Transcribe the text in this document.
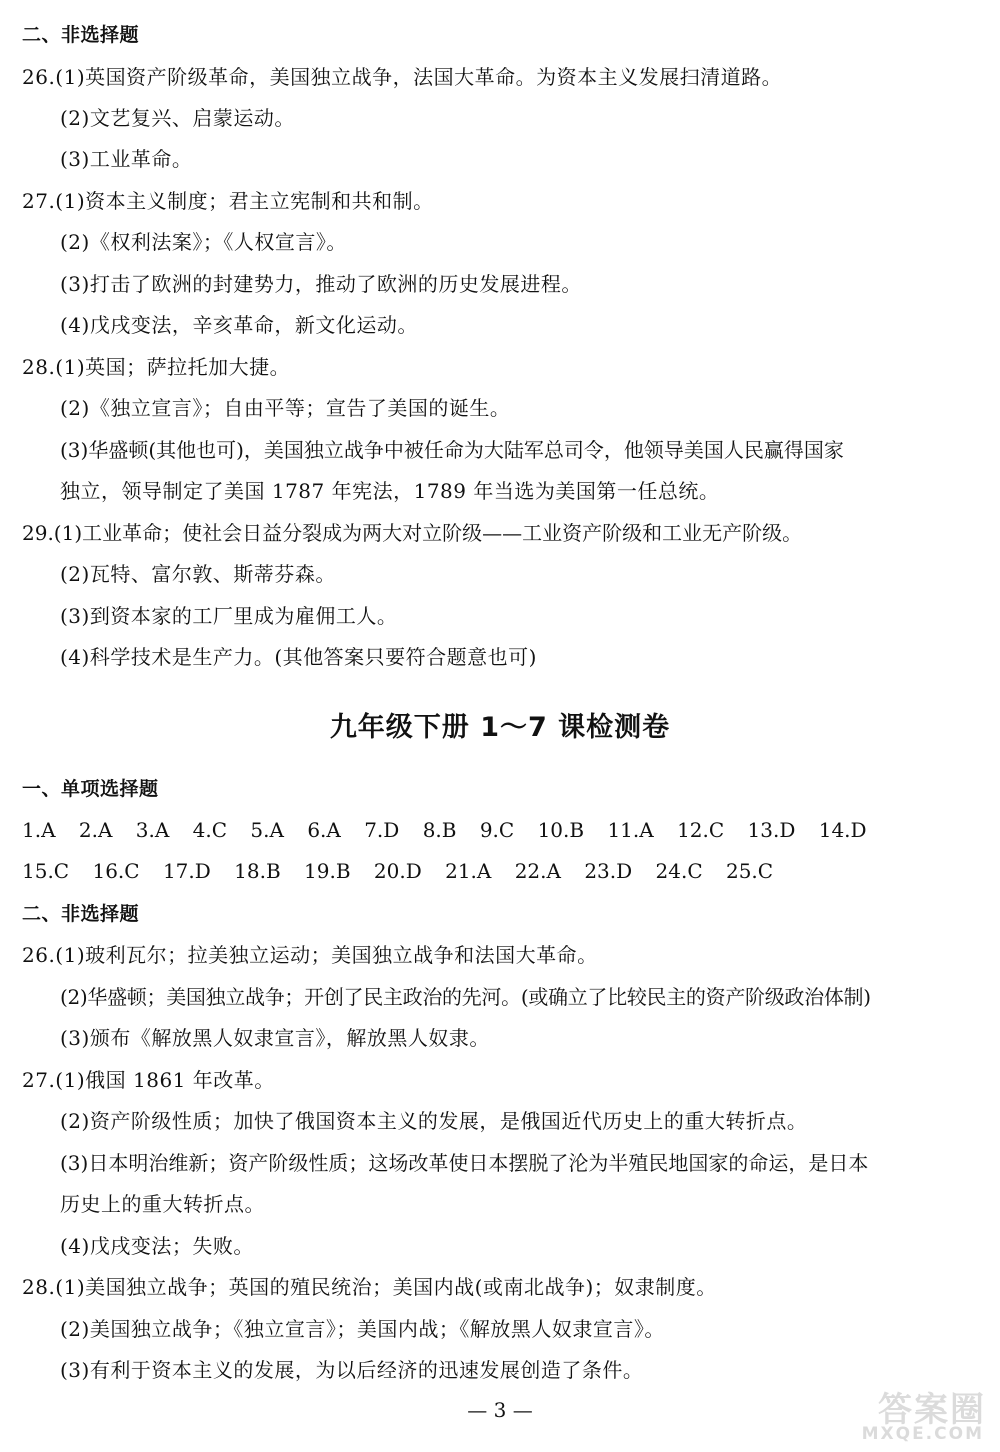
二、非选择题
26.(1)英国资产阶级革命，美国独立战争，法国大革命。为资本主义发展扫清道路。
(2)文艺复兴、启蒙运动。
(3)工业革命。
27.(1)资本主义制度；君主立宪制和共和制。
(2)《权利法案》；《人权宣言》。
(3)打击了欧洲的封建势力，推动了欧洲的历史发展进程。
(4)戊戌变法，辛亥革命，新文化运动。
28.(1)英国；萨拉托加大捷。
(2)《独立宣言》；自由平等；宣告了美国的诞生。
(3)华盛顿(其他也可)，美国独立战争中被任命为大陆军总司令，他领导美国人民赢得国家
独立，领导制定了美国 1787 年宪法，1789 年当选为美国第一任总统。
29.(1)工业革命；使社会日益分裂成为两大对立阶级——工业资产阶级和工业无产阶级。
(2)瓦特、富尔敦、斯蒂芬森。
(3)到资本家的工厂里成为雇佣工人。
(4)科学技术是生产力。(其他答案只要符合题意也可)
九年级下册 1～7 课检测卷
一、单项选择题
1.A 2.A 3.A 4.C 5.A 6.A 7.D 8.B 9.C 10.B 11.A 12.C 13.D 14.D
15.C 16.C 17.D 18.B 19.B 20.D 21.A 22.A 23.D 24.C 25.C
二、非选择题
26.(1)玻利瓦尔；拉美独立运动；美国独立战争和法国大革命。
(2)华盛顿；美国独立战争；开创了民主政治的先河。(或确立了比较民主的资产阶级政治体制)
(3)颁布《解放黑人奴隶宣言》，解放黑人奴隶。
27.(1)俄国 1861 年改革。
(2)资产阶级性质；加快了俄国资本主义的发展，是俄国近代历史上的重大转折点。
(3)日本明治维新；资产阶级性质；这场改革使日本摆脱了沦为半殖民地国家的命运，是日本
历史上的重大转折点。
(4)戊戌变法；失败。
28.(1)美国独立战争；英国的殖民统治；美国内战(或南北战争)；奴隶制度。
(2)美国独立战争；《独立宣言》；美国内战；《解放黑人奴隶宣言》。
(3)有利于资本主义的发展，为以后经济的迅速发展创造了条件。
— 3 —	答案圈
MXQE.COM
